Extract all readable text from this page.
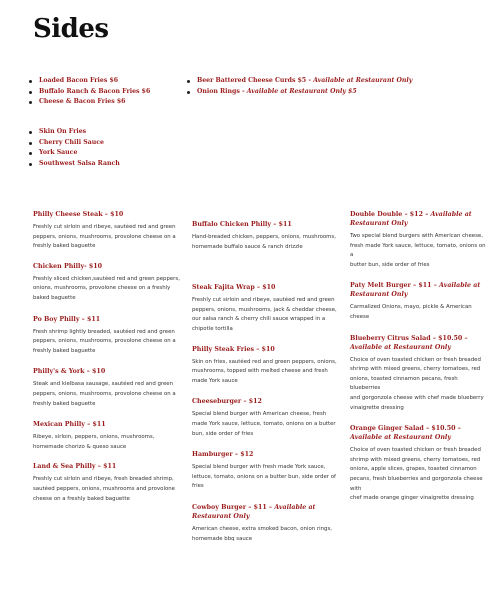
Sides
Loaded Bacon Fries $6
Buffalo Ranch & Bacon Fries $6
Cheese & Bacon Fries $6
Beer Battered Cheese Curds $5 - Available at Restaurant Only
Onion Rings - Available at Restaurant Only $5
Skin On Fries
Cherry Chili Sauce
York Sauce
Southwest Salsa Ranch
Philly Cheese Steak – $10
Freshly cut sirloin and ribeye, sautéed red and green
peppers, onions, mushrooms, provolone cheese on a
freshly baked baguette
Chicken Philly- $10
Freshly sliced chicken,sautéed red and green peppers,
onions, mushrooms, provolone cheese on a freshly
baked baguette
Po Boy Philly – $11
Fresh shrimp lightly breaded, sautéed red and green
peppers, onions, mushrooms, provolone cheese on a
freshly baked baguette
Philly's & York – $10
Steak and kielbasa sausage, sautéed red and green
peppers, onions, mushrooms, provolone cheese on a
freshly baked baguette
Mexican Philly – $11
Ribeye, sirloin, peppers, onions, mushrooms,
homemade chorizo & queso sauce
Land & Sea Philly – $11
Freshly cut sirloin and ribeye, fresh breaded shrimp,
sautéed peppers, onions, mushrooms and provolone
cheese on a freshly baked baguette
Buffalo Chicken Philly – $11
Hand-breaded chicken, peppers, onions, mushrooms,
homemade buffalo sauce & ranch drizzle
Steak Fajita Wrap – $10
Freshly cut sirloin and ribeye, sautéed red and green
peppers, onions, mushrooms, jack & cheddar cheese,
our salsa ranch & cherry chili sauce wrapped in a
chipotle tortilla
Philly Steak Fries – $10
Skin on fries, sautéed red and green peppers, onions,
mushrooms, topped with melted cheese and fresh
made York sauce
Cheeseburger – $12
Special blend burger with American cheese, fresh
made York sauce, lettuce, tomato, onions on a butter
bun, side order of fries
Hamburger – $12
Special blend burger with fresh made York sauce,
lettuce, tomato, onions on a butter bun, side order of
fries
Cowboy Burger – $11 – Available at Restaurant Only
American cheese, extra smoked bacon, onion rings,
homemade bbq sauce
Double Double – $12 – Available at Restaurant Only
Two special blend burgers with American cheese,
fresh made York sauce, lettuce, tomato, onions on a
butter bun, side order of fries
Paty Melt Burger – $11 – Available at Restaurant Only
Carmalized Onions, mayo, pickle & American cheese
Blueberry Citrus Salad – $10.50 – Available at Restaurant Only
Choice of oven toasted chicken or fresh breaded
shrimp with mixed greens, cherry tomatoes, red
onions, toasted cinnamon pecans, fresh blueberries
and gorgonzola cheese with chef made blueberry
vinaigrette dressing
Orange Ginger Salad – $10.50 – Available at Restaurant Only
Choice of oven toasted chicken or fresh breaded
shrimp with mixed greens, cherry tomatoes, red
onions, apple slices, grapes, toasted cinnamon
pecans, fresh blueberries and gorgonzola cheese with
chef made orange ginger vinaigrette dressing
